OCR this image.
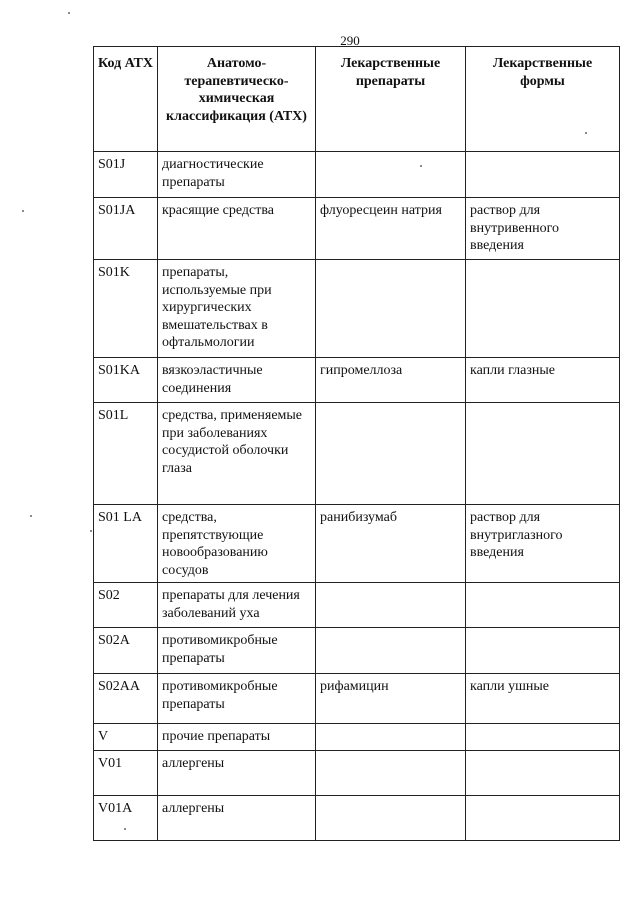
290
Код АТХ	Анатомо-терапевтическо-химическая классификация (АТХ)	Лекарственные препараты	Лекарственные формы
S01J	диагностические препараты		
S01JA	красящие средства	флуоресцеин натрия	раствор для внутривенного введения
S01K	препараты, используемые при хирургических вмешательствах в офтальмологии		
S01KA	вязкоэластичные соединения	гипромеллоза	капли глазные
S01L	средства, применяемые при заболеваниях сосудистой оболочки глаза		
S01 LA	средства, препятствующие новообразованию сосудов	ранибизумаб	раствор для внутриглазного введения
S02	препараты для лечения заболеваний уха		
S02A	противомикробные препараты		
S02AA	противомикробные препараты	рифамицин	капли ушные
V	прочие препараты		
V01	аллергены		
V01A	аллергены		
